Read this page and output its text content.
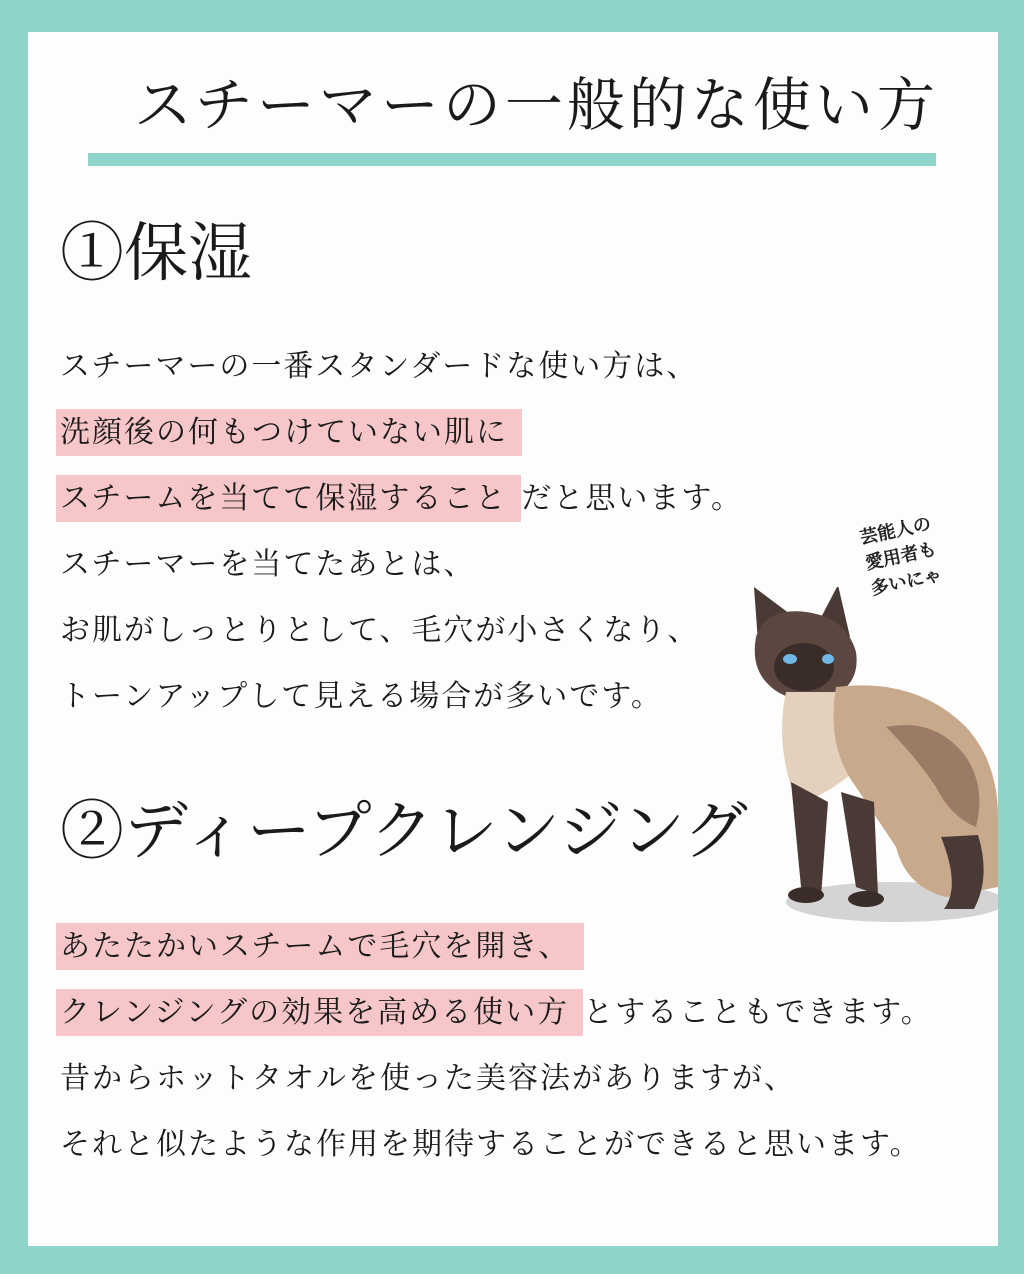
スチーマーの一般的な使い方
①保湿
スチーマーの一番スタンダードな使い方は、
洗顔後の何もつけていない肌に
スチームを当てて保湿すること だと思います。
スチーマーを当てたあとは、
お肌がしっとりとして、毛穴が小さくなり、
トーンアップして見える場合が多いです。
②ディープクレンジング
あたたかいスチームで毛穴を開き、
クレンジングの効果を高める使い方 とすることもできます。
昔からホットタオルを使った美容法がありますが、
それと似たような作用を期待することができると思います。
芸能人の
愛用者も
多いにゃ
